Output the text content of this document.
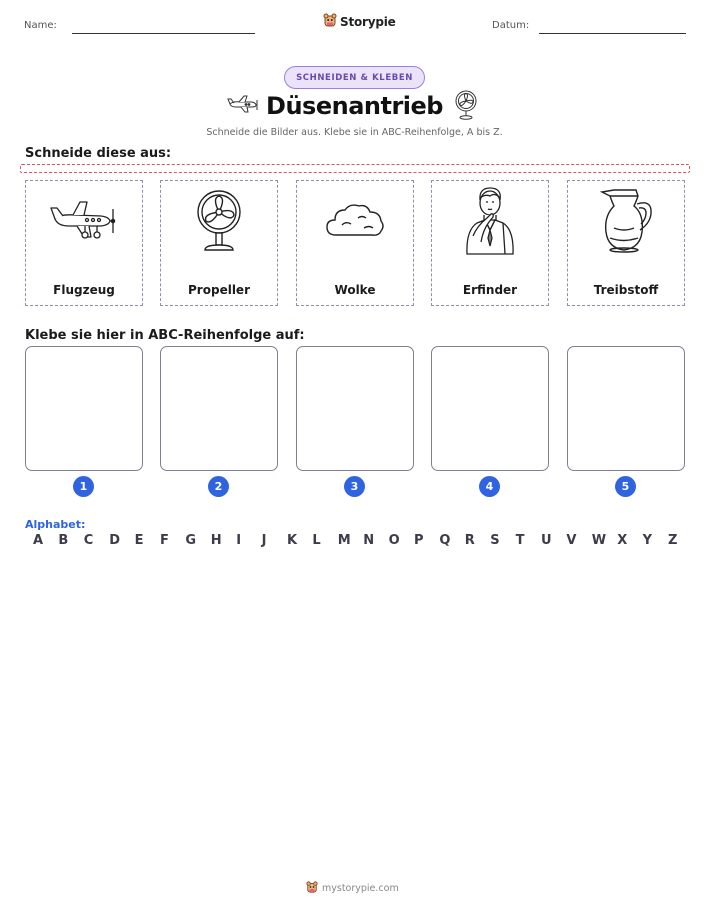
Name:	Storypie	Datum:
SCHNEIDEN & KLEBEN
Düsenantrieb
Schneide die Bilder aus. Klebe sie in ABC-Reihenfolge, A bis Z.
Schneide diese aus:
Flugzeug	Propeller	Wolke	Erfinder	Treibstoff
Klebe sie hier in ABC-Reihenfolge auf:
1	2	3	4	5
Alphabet:
A B C D E F G H I J K L M N O P Q R S T U V W X Y Z
mystorypie.com
